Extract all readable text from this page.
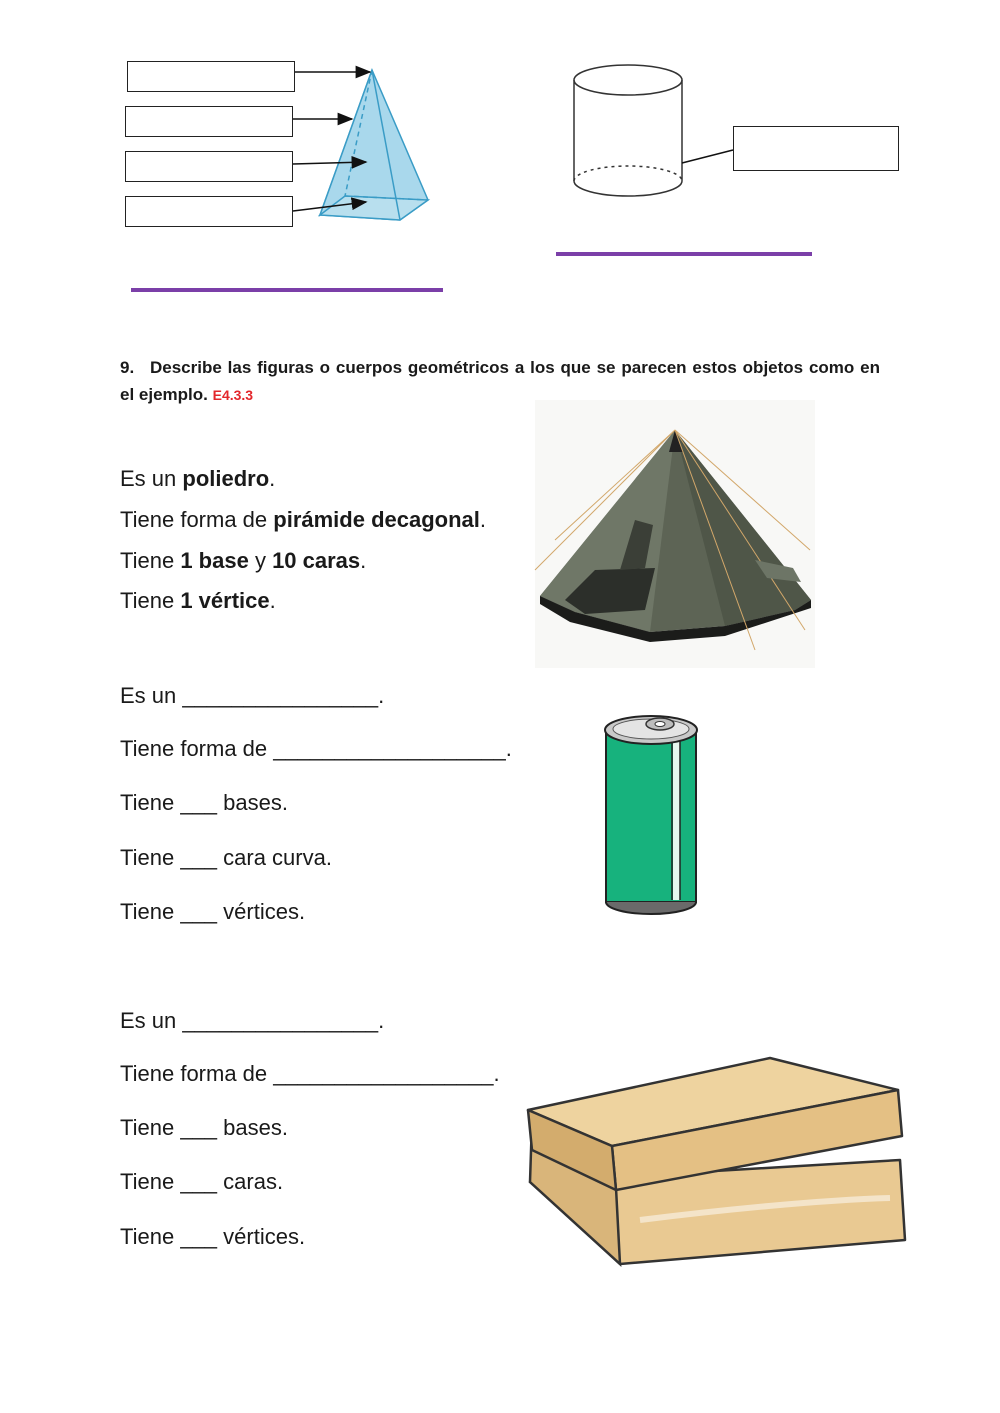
9. Describe las figuras o cuerpos geométricos a los que se parecen estos objetos como en el ejemplo. E4.3.3
Es un poliedro.
Tiene forma de pirámide decagonal.
Tiene 1 base y 10 caras.
Tiene 1 vértice.
Es un ________________.
Tiene forma de ___________________.
Tiene ___ bases.
Tiene ___ cara curva.
Tiene ___ vértices.
Es un ________________.
Tiene forma de __________________.
Tiene ___ bases.
Tiene ___ caras.
Tiene ___ vértices.
